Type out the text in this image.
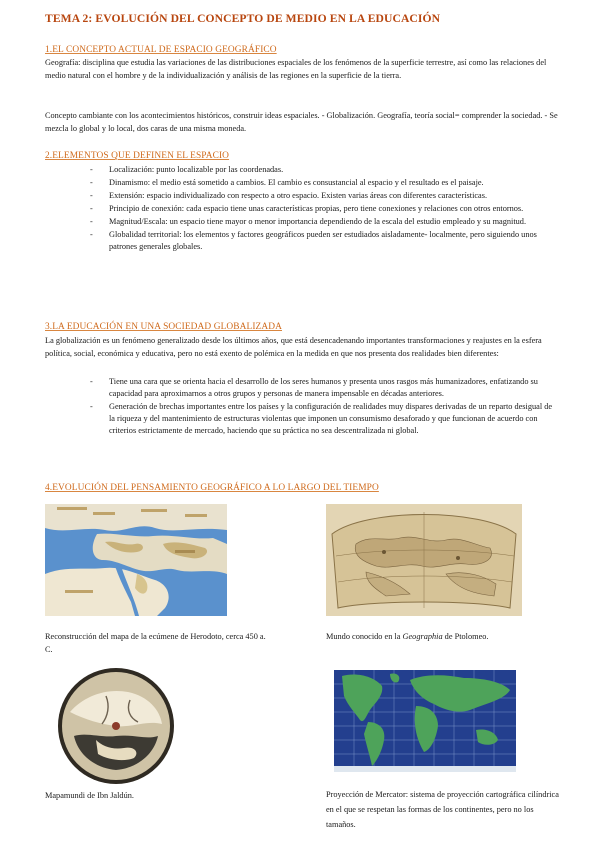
TEMA 2: EVOLUCIÓN DEL CONCEPTO DE MEDIO EN LA EDUCACIÓN
1.EL CONCEPTO ACTUAL DE ESPACIO GEOGRÁFICO

Geografía: disciplina que estudia las variaciones de las distribuciones espaciales de los fenómenos de la superficie terrestre, así como las relaciones del medio natural con el hombre y de la individualización y análisis de las regiones en la superficie de la tierra.

Concepto cambiante con los acontecimientos históricos, construir ideas espaciales. - Globalización. Geografía, teoría social= comprender la sociedad. - Se mezcla lo global y lo local, dos caras de una misma moneda.

2.ELEMENTOS QUE DEFINEN EL ESPACIO
- Localización: punto localizable por las coordenadas.
- Dinamismo: el medio está sometido a cambios. El cambio es consustancial al espacio y el resultado es el paisaje.
- Extensión: espacio individualizado con respecto a otro espacio. Existen varias áreas con diferentes características.
- Principio de conexión: cada espacio tiene unas características propias, pero tiene conexiones y relaciones con otros entornos.
- Magnitud/Escala: un espacio tiene mayor o menor importancia dependiendo de la escala del estudio empleado y su magnitud.
- Globalidad territorial: los elementos y factores geográficos pueden ser estudiados aisladamente- localmente, pero siguiendo unos patrones generales globales.
3.LA EDUCACIÓN EN UNA SOCIEDAD GLOBALIZADA

La globalización es un fenómeno generalizado desde los últimos años, que está desencadenando importantes transformaciones y reajustes en la esfera política, social, económica y educativa, pero no está exento de polémica en la medida en que nos presenta dos realidades bien diferentes:

- Tiene una cara que se orienta hacia el desarrollo de los seres humanos y presenta unos rasgos más humanizadores, enfatizando su capacidad para aproximarnos a otros grupos y personas de manera impensable en décadas anteriores.
- Generación de brechas importantes entre los países y la configuración de realidades muy dispares derivadas de un reparto desigual de la riqueza y del mantenimiento de estructuras violentas que imponen un consumismo desaforado y que funcionan de acuerdo con criterios estrictamente de mercado, haciendo que su práctica no sea descentralizada ni global.
4.EVOLUCIÓN DEL PENSAMIENTO GEOGRÁFICO A LO LARGO DEL TIEMPO
Reconstrucción del mapa de la ecúmene de Herodoto, cerca 450 a. C.
Mundo conocido en la Geographia de Ptolomeo.
Mapamundi de Ibn Jaldún.	Proyección de Mercator: sistema de proyección cartográfica cilíndrica en el que se respetan las formas de los continentes, pero no los tamaños.
